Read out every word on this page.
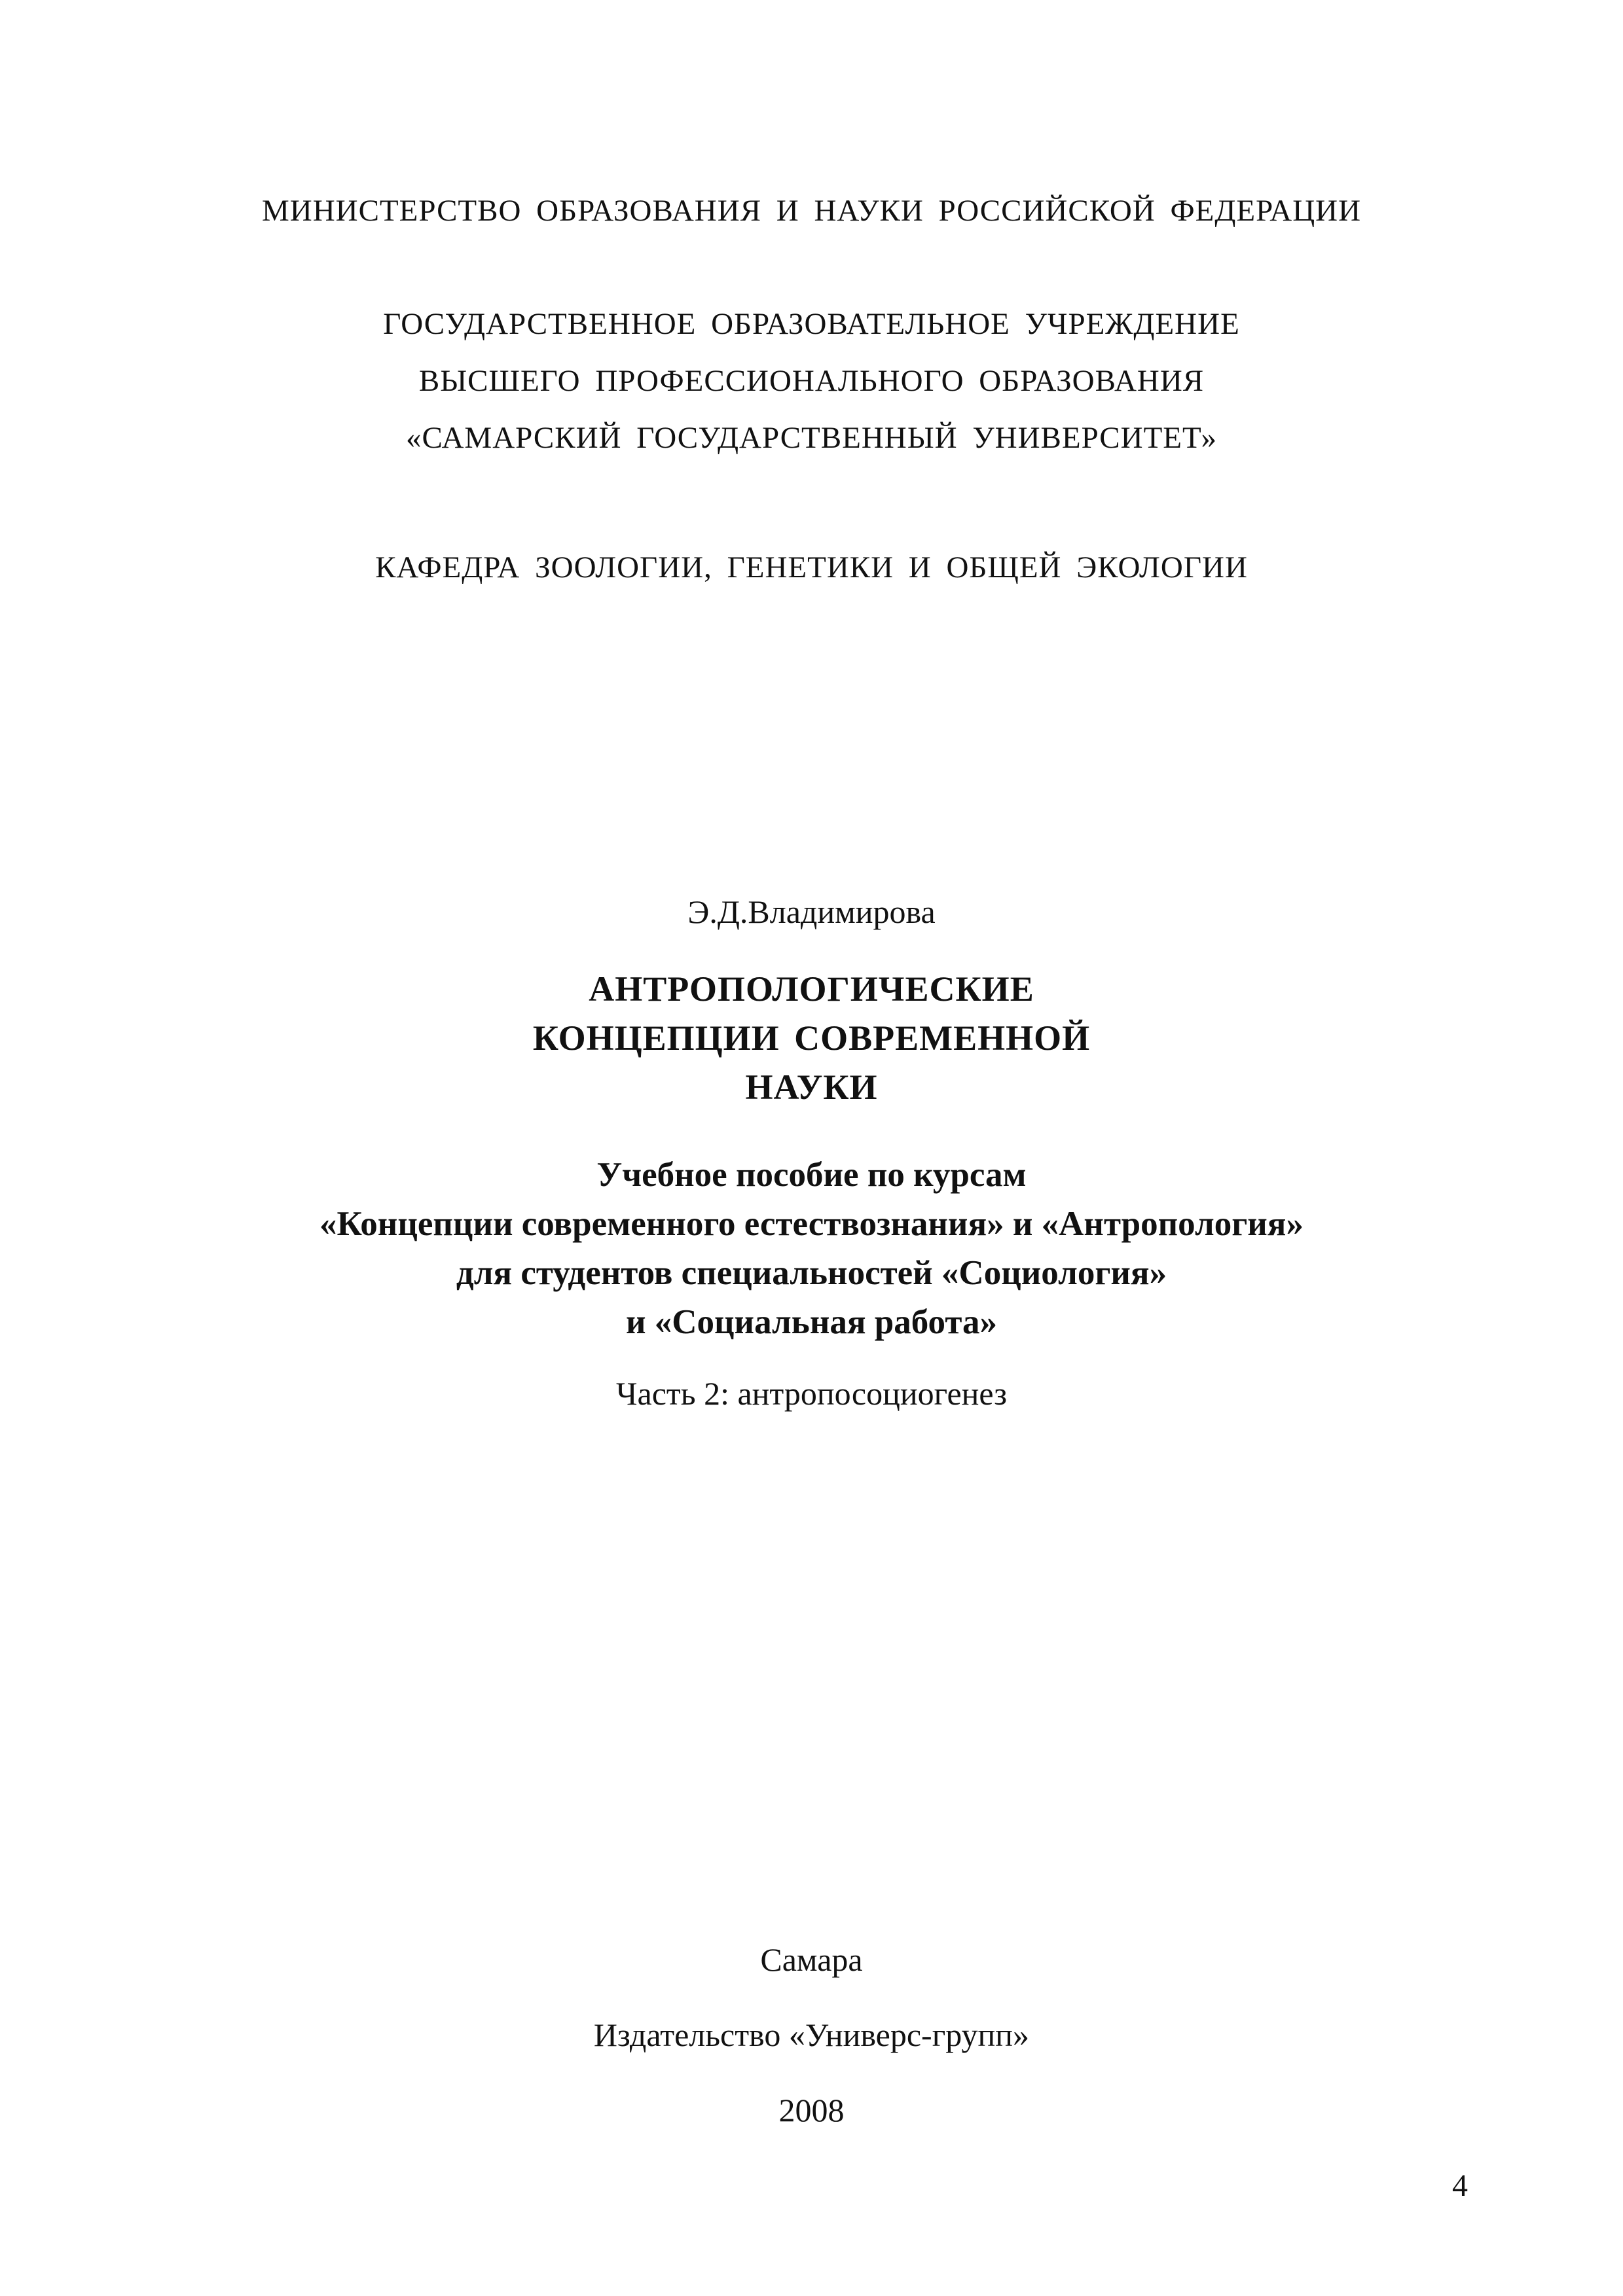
МИНИСТЕРСТВО ОБРАЗОВАНИЯ И НАУКИ РОССИЙСКОЙ ФЕДЕРАЦИИ

ГОСУДАРСТВЕННОЕ ОБРАЗОВАТЕЛЬНОЕ УЧРЕЖДЕНИЕ

ВЫСШЕГО ПРОФЕССИОНАЛЬНОГО ОБРАЗОВАНИЯ

«САМАРСКИЙ ГОСУДАРСТВЕННЫЙ УНИВЕРСИТЕТ»

КАФЕДРА ЗООЛОГИИ, ГЕНЕТИКИ И ОБЩЕЙ ЭКОЛОГИИ

Э.Д.Владимирова

АНТРОПОЛОГИЧЕСКИЕ

КОНЦЕПЦИИ СОВРЕМЕННОЙ

НАУКИ

Учебное пособие по курсам

«Концепции современного естествознания» и «Антропология»

для студентов специальностей «Социология»

и «Социальная работа»

Часть 2: антропосоциогенез

Самара

Издательство «Универс-групп»

2008

4
